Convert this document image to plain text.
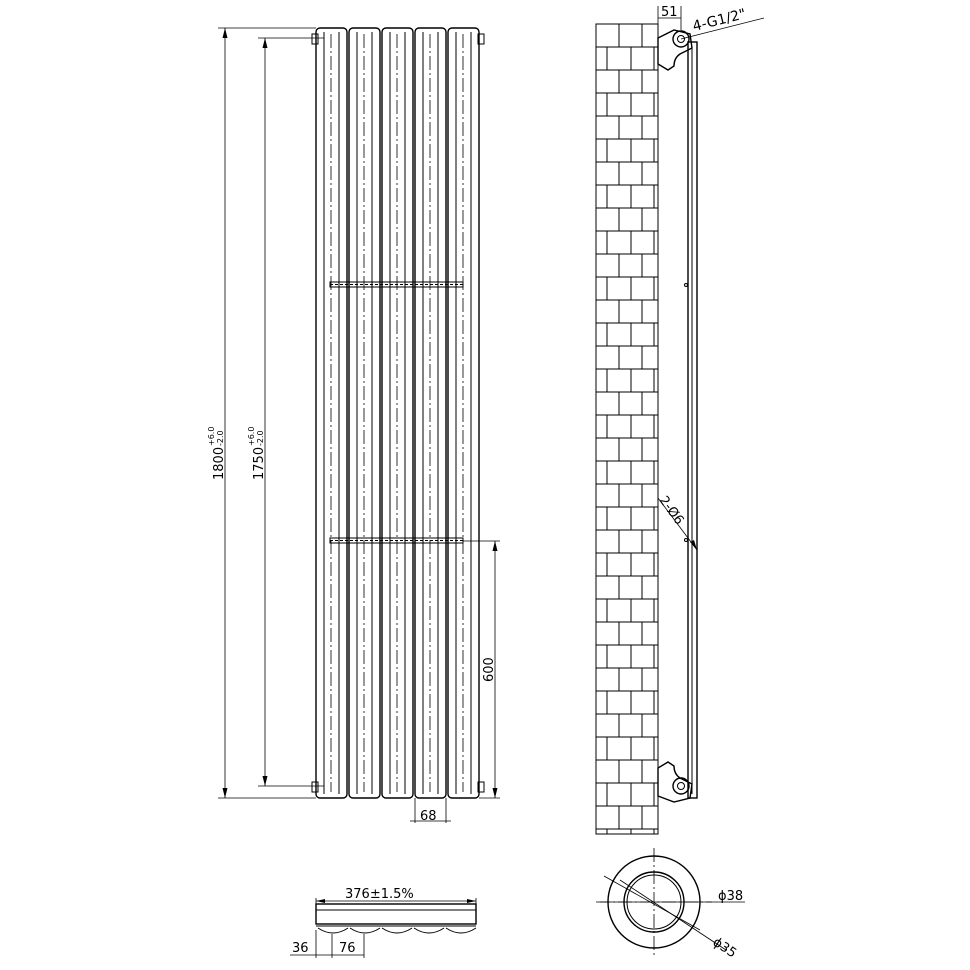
1800
+6.0 -2.0
1750
+6.0 -2.0
600
68
51 4-G1/2"
2-Ø6
376±1.5%
36 76
ϕ38
ϕ35
